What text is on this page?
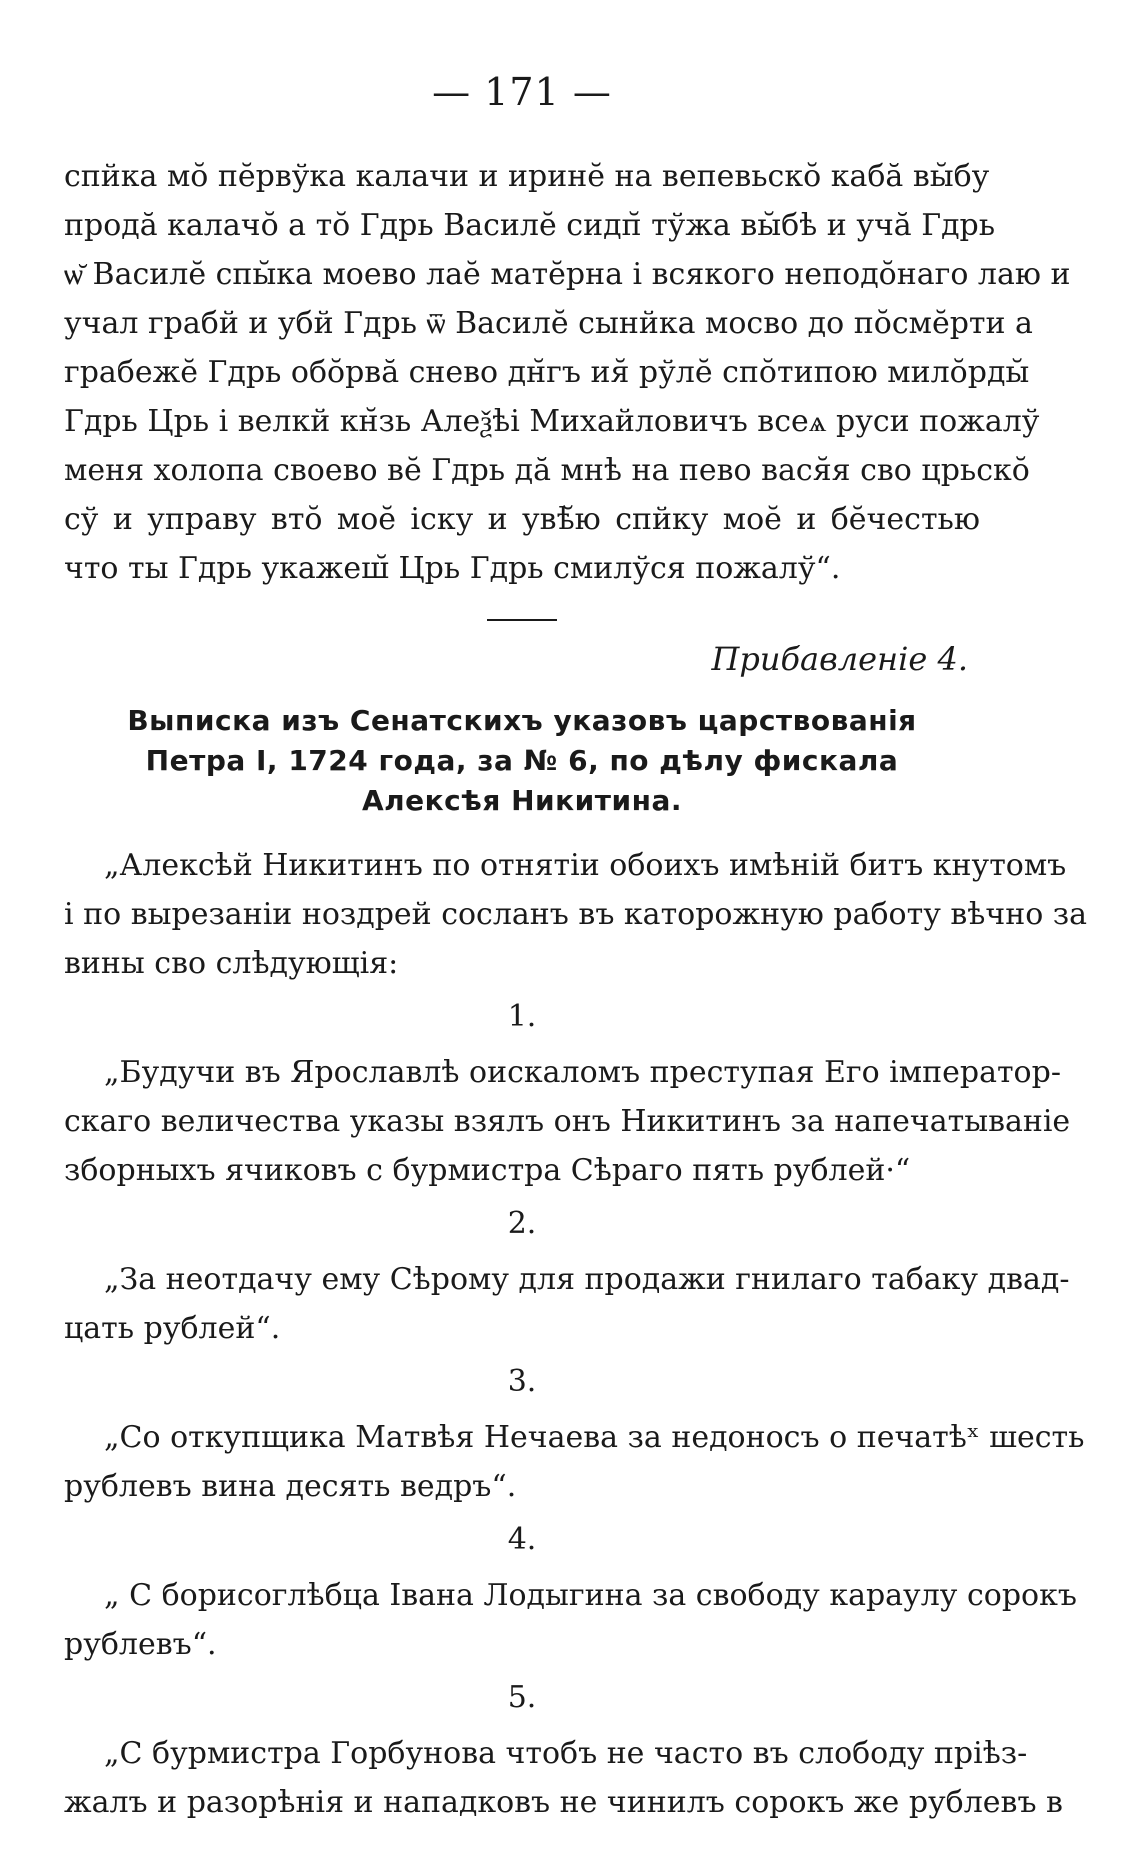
— 171 —
спйка мо̆ пӗрвўка калачи и иринӗ на вепевьско̆ кабӑ вы̆бу
продӑ калачо̆ а то̆ Гдрь Василӗ сидп̆ тўжа вы̆бѣ и учӑ Гдрь
ѡ̆ Василӗ спы̆ка моево лаӗ матӗрна і всякого неподо̆наго лаю и
учал грабй и убй Гдрь ѿ Василӗ сынйка мосво до по̆смӗрти а
грабежӗ Гдрь обо̆рвӑ снево дн̆гъ ия̆ рўлӗ спо̆типою мило̆рды̆
Гдрь Црь і велкй кн̆зь Алеѯѣі Михайловичъ всеѧ руси пожалў
меня холопа своево вӗ Гдрь дӑ мнѣ на пево вася̆я сво црьско̆
сў и управу вто̆ моӗ іску и увѣ̆ю спйку моӗ и бӗчестью
что ты Гдрь укажеш̆ Црь Гдрь смилўся пожалў“.
Прибавленіе 4.
Выписка изъ Сенатскихъ указовъ царствованія
Петра I, 1724 года, за № 6, по дѣлу фискала
Алексѣя Никитина.
„Алексѣй Никитинъ по отнятіи обоихъ имѣній битъ кнутомъ
і по вырезаніи ноздрей сосланъ въ каторожную работу вѣчно за
вины сво слѣдующія:
1.
„Будучи въ Ярославлѣ оискаломъ преступая Его імператор-
скаго величества указы взялъ онъ Никитинъ за напечатываніе
зборныхъ ячиковъ с бурмистра Сѣраго пять рублей·“
2.
„За неотдачу ему Сѣрому для продажи гнилаго табаку двад-
цать рублей“.
3.
„Со откупщика Матвѣя Нечаева за недоносъ о печатѣˣ шесть
рублевъ вина десять ведръ“.
4.
„ С борисоглѣбца Івана Лодыгина за свободу караулу сорокъ
рублевъ“.
5.
„С бурмистра Горбунова чтобъ не часто въ слободу пріѣз-
жалъ и разорѣнія и нападковъ не чинилъ сорокъ же рублевъ в
